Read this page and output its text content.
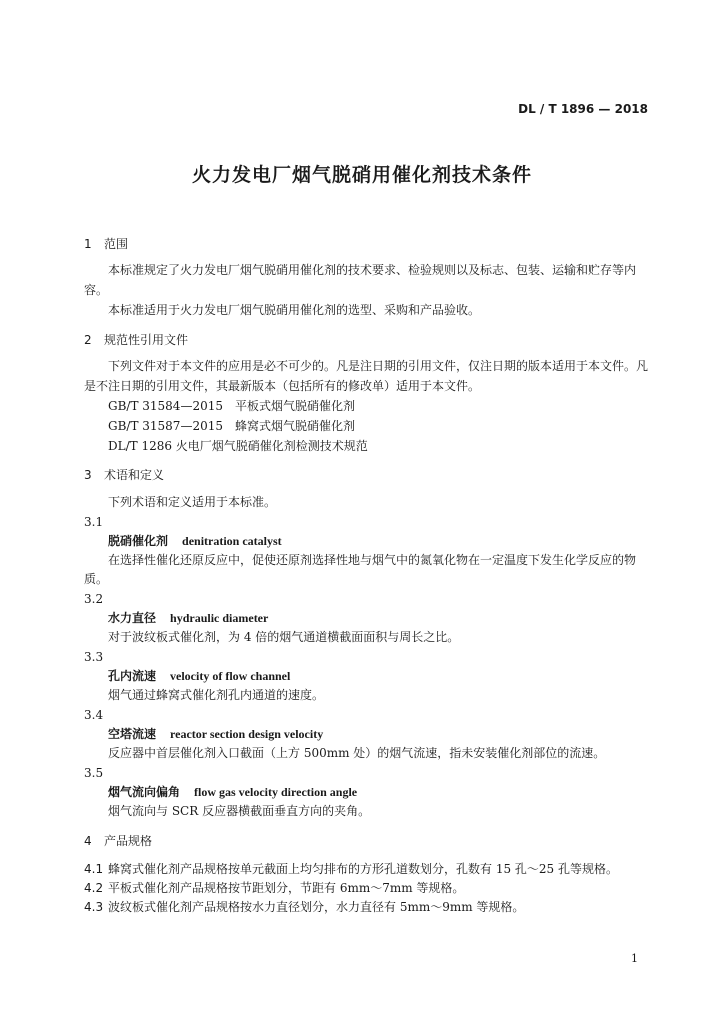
DL / T 1896 — 2018
火力发电厂烟气脱硝用催化剂技术条件
1 范围
本标准规定了火力发电厂烟气脱硝用催化剂的技术要求、检验规则以及标志、包装、运输和贮存等内容。
本标准适用于火力发电厂烟气脱硝用催化剂的选型、采购和产品验收。
2 规范性引用文件
下列文件对于本文件的应用是必不可少的。凡是注日期的引用文件，仅注日期的版本适用于本文件。凡是不注日期的引用文件，其最新版本（包括所有的修改单）适用于本文件。
GB/T 31584—2015　平板式烟气脱硝催化剂
GB/T 31587—2015　蜂窝式烟气脱硝催化剂
DL/T 1286 火电厂烟气脱硝催化剂检测技术规范
3 术语和定义
下列术语和定义适用于本标准。
3.1
脱硝催化剂 denitration catalyst
在选择性催化还原反应中，促使还原剂选择性地与烟气中的氮氧化物在一定温度下发生化学反应的物质。
3.2
水力直径 hydraulic diameter
对于波纹板式催化剂，为 4 倍的烟气通道横截面面积与周长之比。
3.3
孔内流速 velocity of flow channel
烟气通过蜂窝式催化剂孔内通道的速度。
3.4
空塔流速 reactor section design velocity
反应器中首层催化剂入口截面（上方 500mm 处）的烟气流速，指未安装催化剂部位的流速。
3.5
烟气流向偏角 flow gas velocity direction angle
烟气流向与 SCR 反应器横截面垂直方向的夹角。
4 产品规格
4.1 蜂窝式催化剂产品规格按单元截面上均匀排布的方形孔道数划分，孔数有 15 孔～25 孔等规格。
4.2 平板式催化剂产品规格按节距划分，节距有 6mm～7mm 等规格。
4.3 波纹板式催化剂产品规格按水力直径划分，水力直径有 5mm～9mm 等规格。
1
